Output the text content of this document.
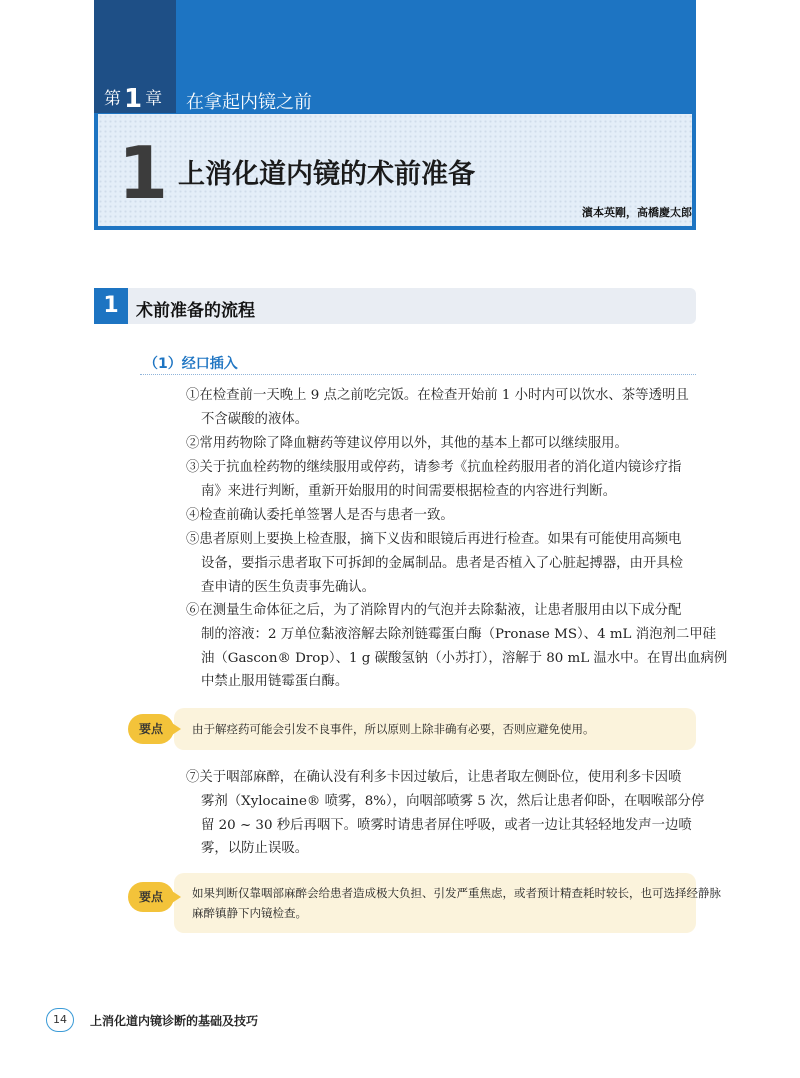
第 1 章 在拿起内镜之前
1 上消化道内镜的术前准备
濱本英剛，高橋慶太郎
1	术前准备的流程
（1）经口插入
①在检查前一天晚上 9 点之前吃完饭。在检查开始前 1 小时内可以饮水、茶等透明且
不含碳酸的液体。
②常用药物除了降血糖药等建议停用以外，其他的基本上都可以继续服用。
③关于抗血栓药物的继续服用或停药，请参考《抗血栓药服用者的消化道内镜诊疗指
南》来进行判断，重新开始服用的时间需要根据检查的内容进行判断。
④检查前确认委托单签署人是否与患者一致。
⑤患者原则上要换上检查服，摘下义齿和眼镜后再进行检查。如果有可能使用高频电
设备，要指示患者取下可拆卸的金属制品。患者是否植入了心脏起搏器，由开具检
查申请的医生负责事先确认。
⑥在测量生命体征之后，为了消除胃内的气泡并去除黏液，让患者服用由以下成分配
制的溶液：2 万单位黏液溶解去除剂链霉蛋白酶（Pronase MS）、4 mL 消泡剂二甲硅
油（Gascon® Drop）、1 g 碳酸氢钠（小苏打），溶解于 80 mL 温水中。在胃出血病例
中禁止服用链霉蛋白酶。
要点	由于解痉药可能会引发不良事件，所以原则上除非确有必要，否则应避免使用。
⑦关于咽部麻醉，在确认没有利多卡因过敏后，让患者取左侧卧位，使用利多卡因喷
雾剂（Xylocaine® 喷雾，8%），向咽部喷雾 5 次，然后让患者仰卧，在咽喉部分停
留 20 ~ 30 秒后再咽下。喷雾时请患者屏住呼吸，或者一边让其轻轻地发声一边喷
雾，以防止误吸。
要点	如果判断仅靠咽部麻醉会给患者造成极大负担、引发严重焦虑，或者预计精查耗时较长，也可选择经静脉
麻醉镇静下内镜检查。
14	上消化道内镜诊断的基础及技巧
